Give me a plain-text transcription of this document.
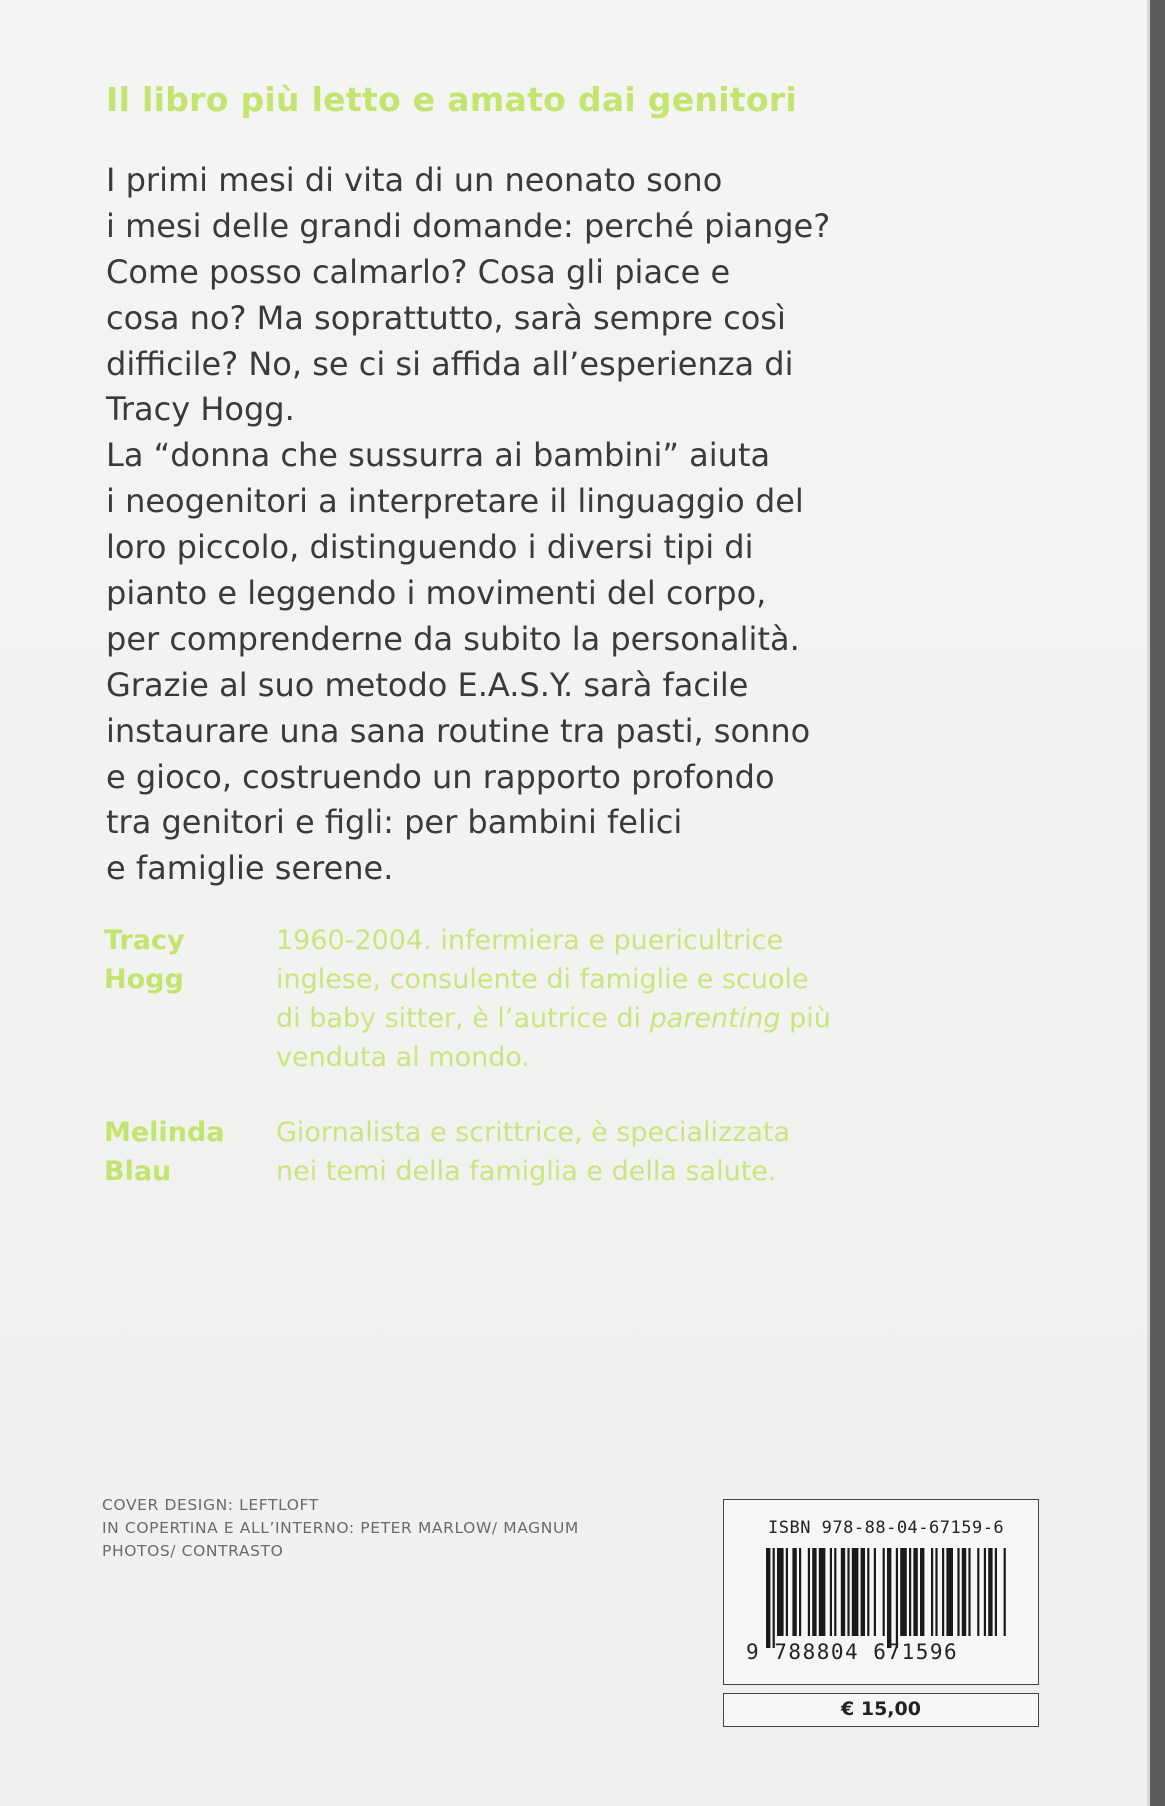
Il libro più letto e amato dai genitori
I primi mesi di vita di un neonato sono
i mesi delle grandi domande: perché piange?
Come posso calmarlo? Cosa gli piace e
cosa no? Ma soprattutto, sarà sempre così
difficile? No, se ci si affida all’esperienza di
Tracy Hogg.
La “donna che sussurra ai bambini” aiuta
i neogenitori a interpretare il linguaggio del
loro piccolo, distinguendo i diversi tipi di
pianto e leggendo i movimenti del corpo,
per comprenderne da subito la personalità.
Grazie al suo metodo E.A.S.Y. sarà facile
instaurare una sana routine tra pasti, sonno
e gioco, costruendo un rapporto profondo
tra genitori e figli: per bambini felici
e famiglie serene.
Tracy
Hogg
1960-2004. infermiera e puericultrice
inglese, consulente di famiglie e scuole
di baby sitter, è l’autrice di parenting più
venduta al mondo.
Melinda
Blau
Giornalista e scrittrice, è specializzata
nei temi della famiglia e della salute.
COVER DESIGN: LEFTLOFT
IN COPERTINA E ALL’INTERNO: PETER MARLOW/ MAGNUM
PHOTOS/ CONTRASTO
ISBN 978-88-04-67159-6
9 788804 671596
€ 15,00
